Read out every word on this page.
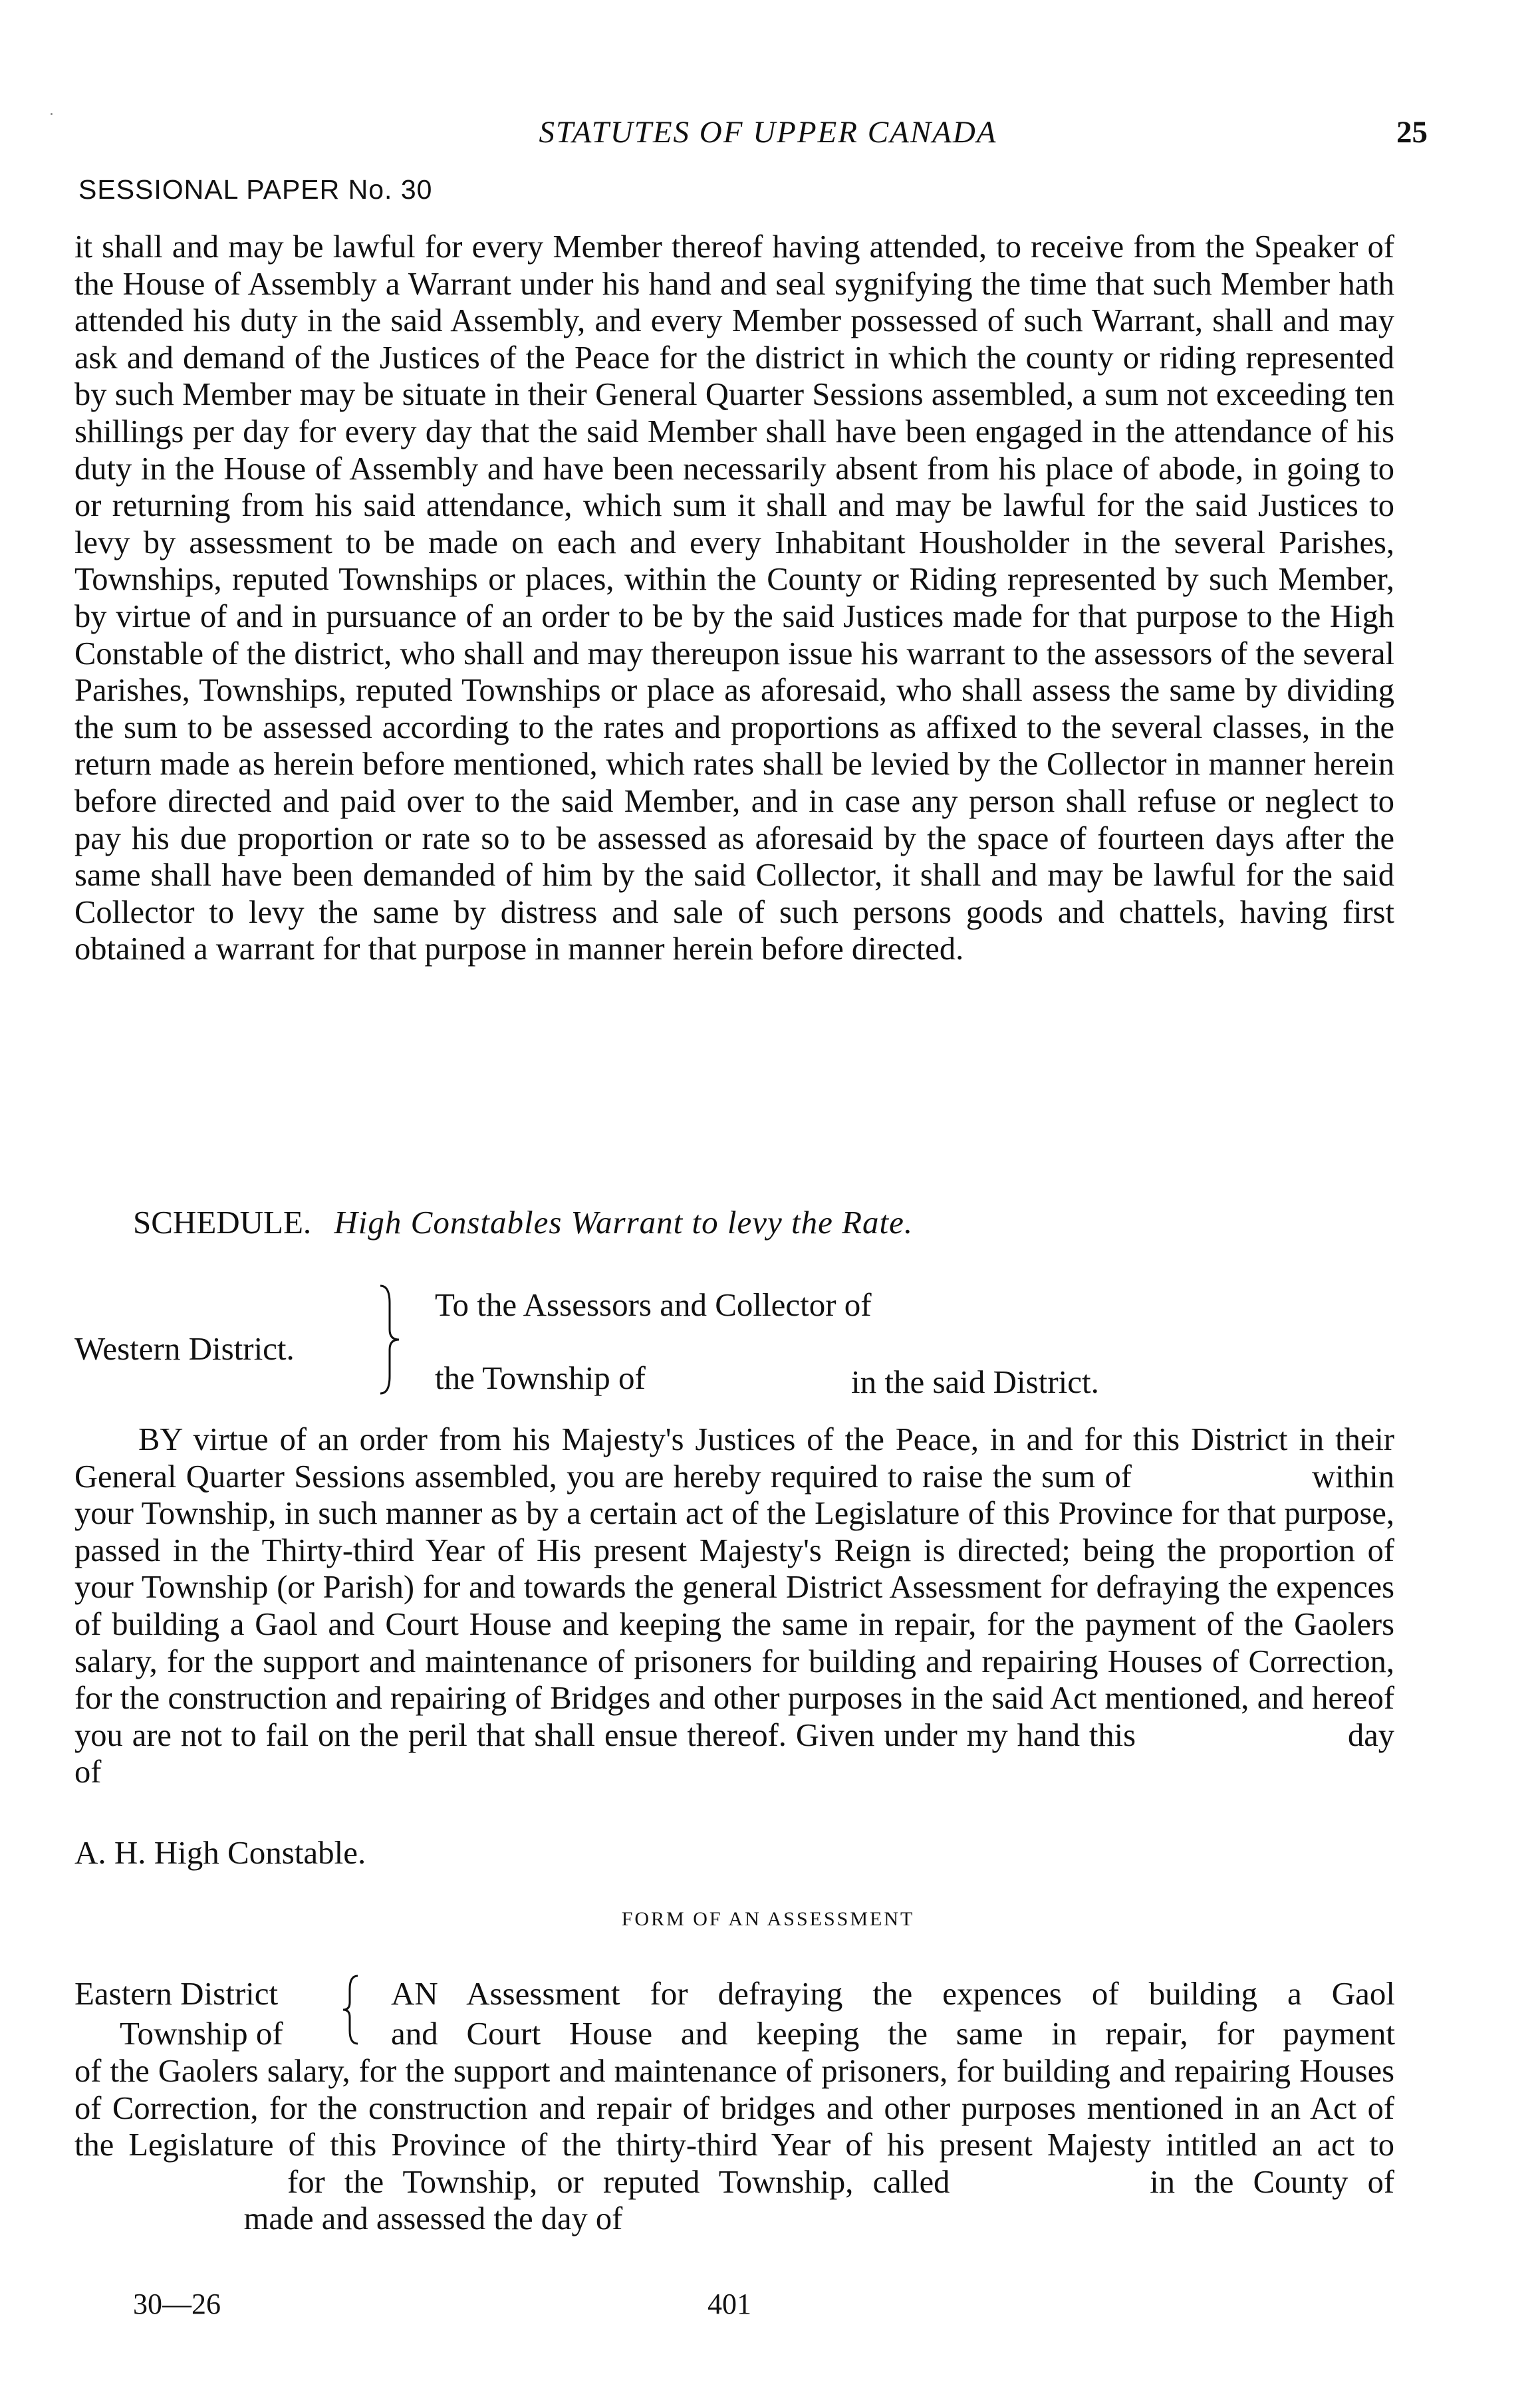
STATUTES OF UPPER CANADA	25
SESSIONAL PAPER No. 30
it shall and may be lawful for every Member thereof having attended, to receive from the Speaker of the House of Assembly a Warrant under his hand and seal sygnifying the time that such Member hath attended his duty in the said Assembly, and every Member possessed of such Warrant, shall and may ask and demand of the Justices of the Peace for the district in which the county or riding represented by such Member may be situate in their General Quarter Sessions assembled, a sum not exceeding ten shillings per day for every day that the said Member shall have been engaged in the attendance of his duty in the House of Assembly and have been necessarily absent from his place of abode, in going to or returning from his said attendance, which sum it shall and may be lawful for the said Justices to levy by assessment to be made on each and every Inhabitant Housholder in the several Parishes, Townships, reputed Townships or places, within the County or Riding represented by such Member, by virtue of and in pursuance of an order to be by the said Justices made for that purpose to the High Constable of the district, who shall and may thereupon issue his warrant to the assessors of the several Parishes, Townships, reputed Townships or place as aforesaid, who shall assess the same by dividing the sum to be assessed according to the rates and proportions as affixed to the several classes, in the return made as herein before mentioned, which rates shall be levied by the Collector in manner herein before directed and paid over to the said Member, and in case any person shall refuse or neglect to pay his due proportion or rate so to be assessed as aforesaid by the space of fourteen days after the same shall have been demanded of him by the said Collector, it shall and may be lawful for the said Collector to levy the same by distress and sale of such persons goods and chattels, having first obtained a warrant for that purpose in manner herein before directed.
SCHEDULE. High Constables Warrant to levy the Rate.
Western District.
To the Assessors and Collector of
the Township of	in the said District.
BY virtue of an order from his Majesty's Justices of the Peace, in and for this District in their General Quarter Sessions assembled, you are hereby required to raise the sum of       within your Township, in such manner as by a certain act of the Legislature of this Province for that purpose, passed in the Thirty-third Year of His present Majesty's Reign is directed; being the proportion of your Township (or Parish) for and towards the general District Assessment for defraying the expences of building a Gaol and Court House and keeping the same in repair, for the payment of the Gaolers salary, for the support and maintenance of prisoners for building and repairing Houses of Correction, for the construction and repairing of Bridges and other purposes in the said Act mentioned, and hereof you are not to fail on the peril that shall ensue thereof. Given under my hand this        day of
A. H. High Constable.
FORM OF AN ASSESSMENT
Eastern District
Township of
AN Assessment for defraying the expences of building a Gaol
and Court House and keeping the same in repair, for payment
of the Gaolers salary, for the support and maintenance of prisoners, for building and repairing Houses of Correction, for the construction and repair of bridges and other purposes mentioned in an Act of the Legislature of this Province of the thirty-third Year of his present Majesty intitled an act to        for the Township, or reputed Township, called       in the County of       made and assessed the day of
30—26	401
